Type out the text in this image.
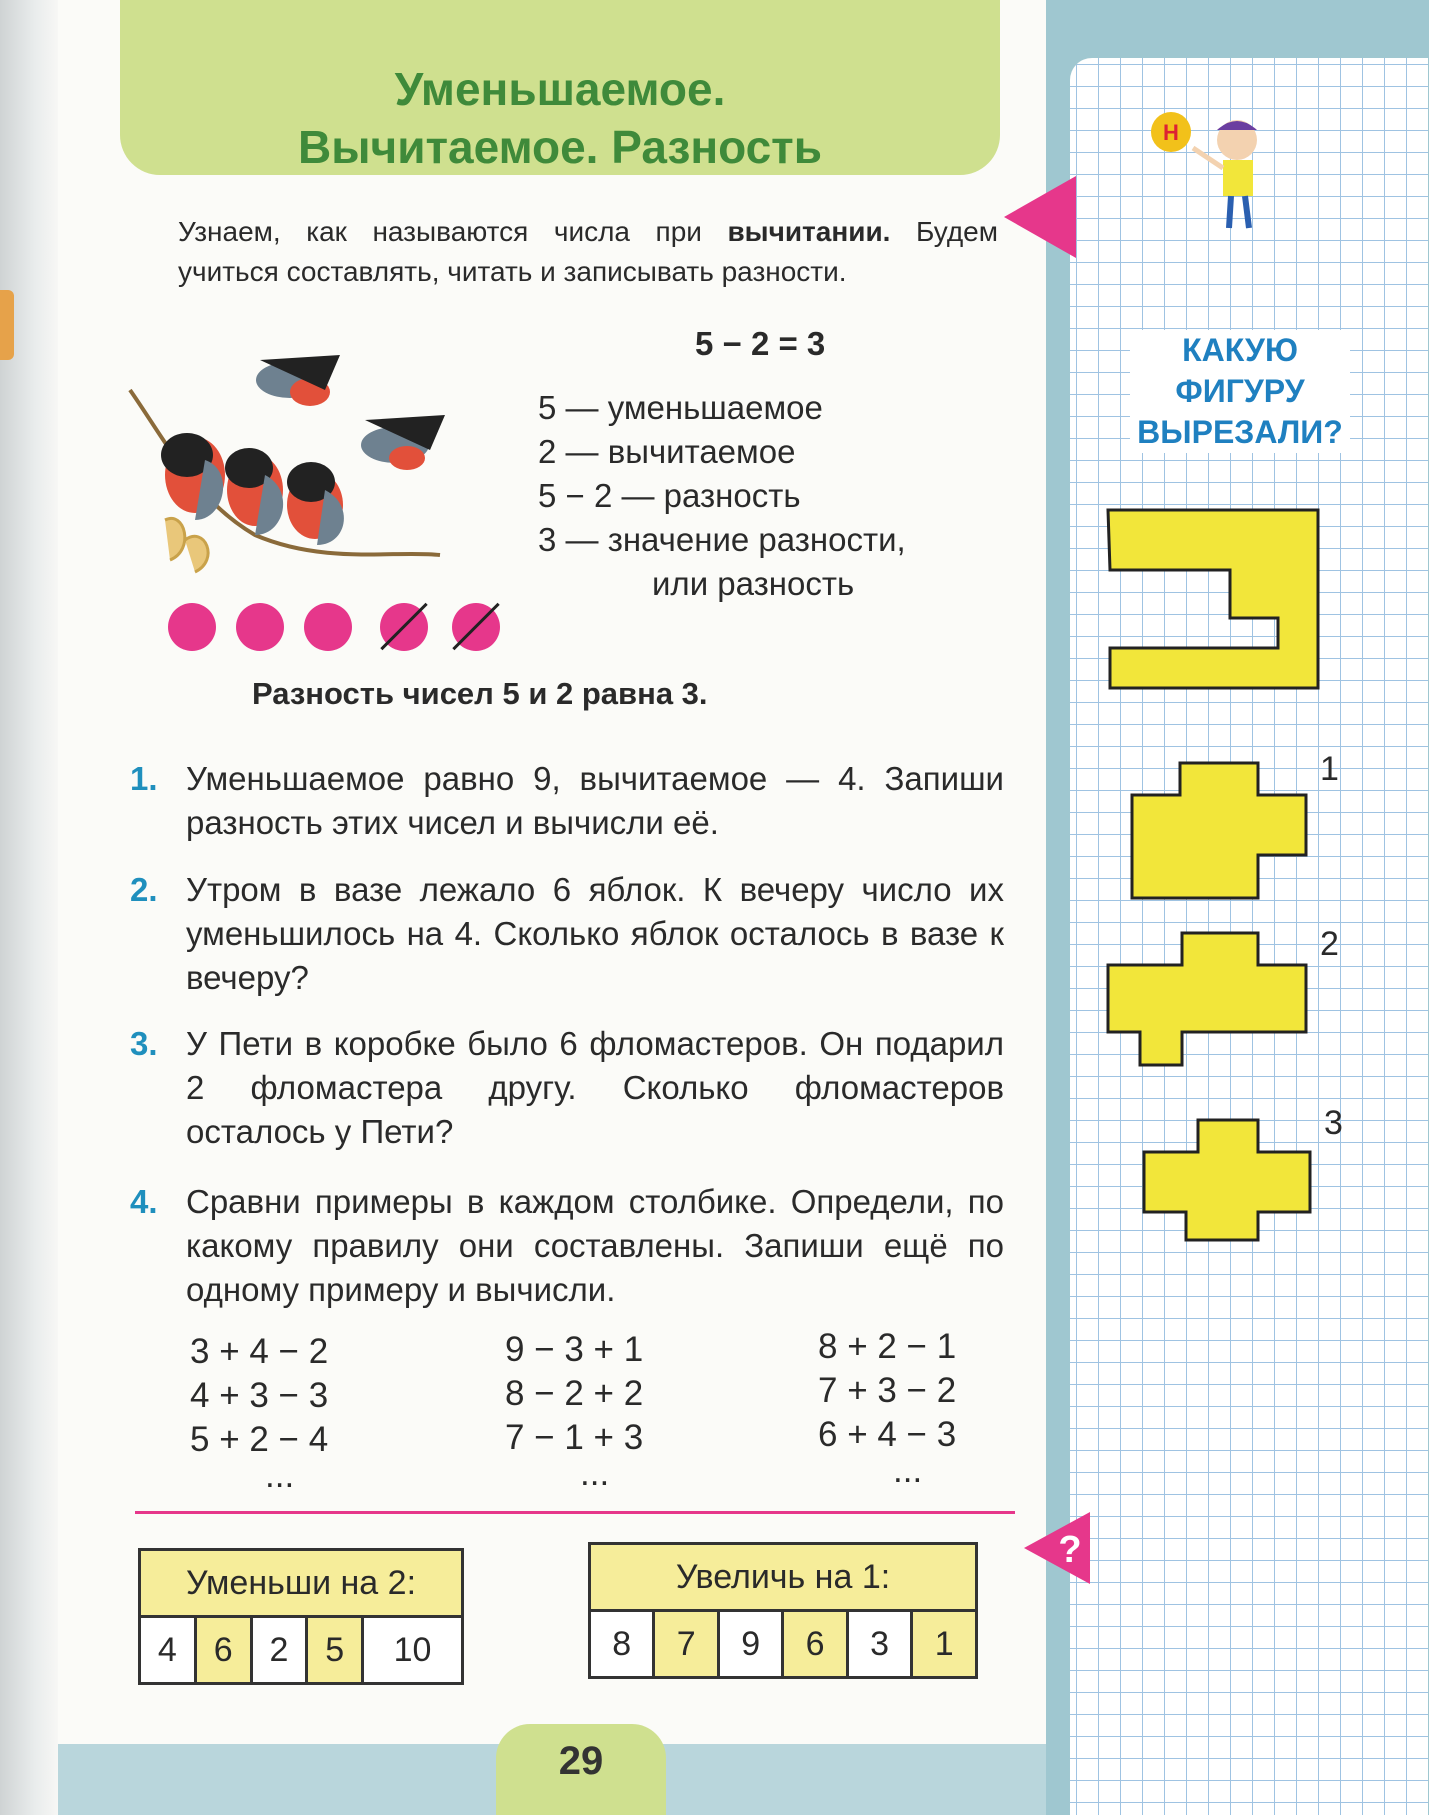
Уменьшаемое.
Вычитаемое. Разность
Узнаем, как называются числа при вычитании. Будем учиться составлять, читать и записывать разности.
5 − 2 = 3
5 — уменьшаемое
2 — вычитаемое
5 − 2 — разность
3 — значение разности,
или разность
Разность чисел 5 и 2 равна 3.
1. Уменьшаемое равно 9, вычитаемое — 4. Запиши разность этих чисел и вычисли её.
2. Утром в вазе лежало 6 яблок. К вечеру число их уменьшилось на 4. Сколько яблок осталось в вазе к вечеру?
3. У Пети в коробке было 6 фломастеров. Он подарил 2 фломастера другу. Сколько фломастеров осталось у Пети?
4. Сравни примеры в каждом столбике. Определи, по какому правилу они составлены. Запиши ещё по одному примеру и вычисли.
3 + 4 − 2
4 + 3 − 3
5 + 2 − 4
...
9 − 3 + 1
8 − 2 + 2
7 − 1 + 3
...
8 + 2 − 1
7 + 3 − 2
6 + 4 − 3
...
Уменьши на 2:
4	6	2	5	10
Увеличь на 1:
8	7	9	6	3	1
?
29
Н
КАКУЮ ФИГУРУ ВЫРЕЗАЛИ?
1
2
3
